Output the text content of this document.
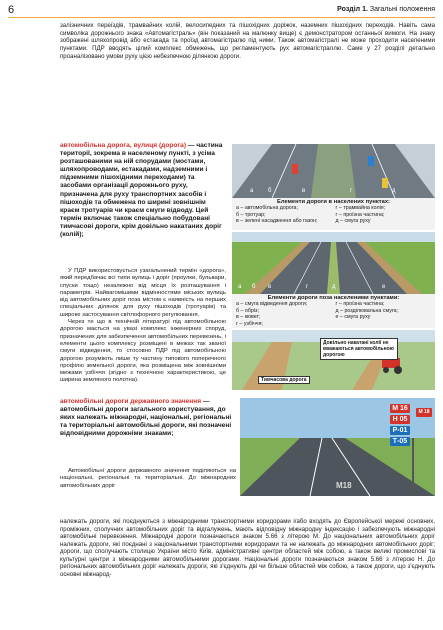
6	Розділ 1. Загальні положення

залізничних переїздів, трамвайних колій, велосипедних та пішохідних доріжок, наземних пішохідних переходів. Навіть сама символіка дорожнього знака «Автомагістраль» (він показаний на малюнку вище) є демонстратором останньої вимоги. На знаку зображені шляхопровід або естакада та проїзд автомагістралю під ними. Також автомагістралі не може проходити населеними пунктами. ПДР вводять цілий комплекс обмежень, що регламентують рух автомагістраллю. Саме у 27 розділі детально проаналізовано умови руху цією небезпечною ділянкою дороги.

автомобільна дорога, вулиця (дорога) — частина території, зокрема в населеному пункті, з усіма розташованими на ній спорудами (мостами, шляхопроводами, естакадами, надземними і підземними пішохідними переходами) та засобами організації дорожнього руху, призначена для руху транспортних засобів і пішоходів та обмежена по ширині зовнішнім краєм тротуарів чи краєм смуги відводу. Цей термін включає також спеціально побудовані тимчасові дороги, крім довільно накатаних доріг (колій);

У ПДР використовується узагальнений термін «дорога», який передбачає всі типи вулиць і доріг (проулки, бульвари, спуски тощо) незалежно від місця їх розташування і параметрів. Найвагомішими відмінностями міських вулиць від автомобільних доріг поза містом є наявність на перших спеціальних ділянок для руху пішоходів (тротуарів) та широке застосування світлофорного регулювання.

Через те що в технічній літературі під автомобільною дорогою мається на увазі комплекс інженерних споруд, призначених для забезпечення автомобільних перевезень, і елементи цього комплексу розміщені в межах так званої смуги відведення, то стосовно ПДР під автомобільною дорогою розуміють лише ту частину типового поперечного профілю земельної дороги, яка розміщена між зовнішніми межами узбіччя (згідно з технічною характеристикою, це ширина земляного полотна).

а б	в	г	д
Елементи дороги в населених пунктах:
а – автомобільна дорога;	г – трамвайна колія;
б – тротуар;	г – проїзна частина;
в – зелені насадження або газон;	д – смуга руху
а б в	г	д	е
Елементи дороги поза населеними пунктами:
а – смуга відведення дороги;	г – проїзна частина;
б – обрiз;	д – розділювальна смуга;
в – кювет;	е – смуга руху
г – узбіччя;
Довільно накатані колії не вважаються автомобільною дорогою
Тимчасова дорога
автомобільні дороги державного значення — автомобільні дороги загального користування, до яких належать міжнародні, національні, регіональні та територіальні автомобільні дороги, які позначені відповідними дорожніми знаками;

Автомобільні дороги державного значення поділяються на національні, регіональні та територіальні. До міжнародних автомобільних доріг	М18
М 16
Н 05
Р-01
Т-05
М 18

належать дороги, які поєднуються з міжнародними транспортними коридорами і/або входять до Європейської мережі основних, проміжних, сполучних автомобільних доріг та відгалужень, мають відповідну міжнародну індексацію і забезпечують міжнародні автомобільні перевезення. Міжнародні дороги позначаються знаком 5.66 з літерою М. До національних автомобільних доріг належать дороги, які поєднані з національними транспортними коридорами та не належать до міжнародних автомобільних доріг; дороги, що сполучають столицю України місто Київ, адміністративні центри областей між собою, а також великі промислові та культурні центри з міжнародними автомобільними дорогами. Національні дороги позначаються знаком 5.66 з літерою Н. До регіональних автомобільних доріг належать дороги, які з'єднують дві чи більше областей між собою, а також дороги, що з'єднують основні міжнарод-
